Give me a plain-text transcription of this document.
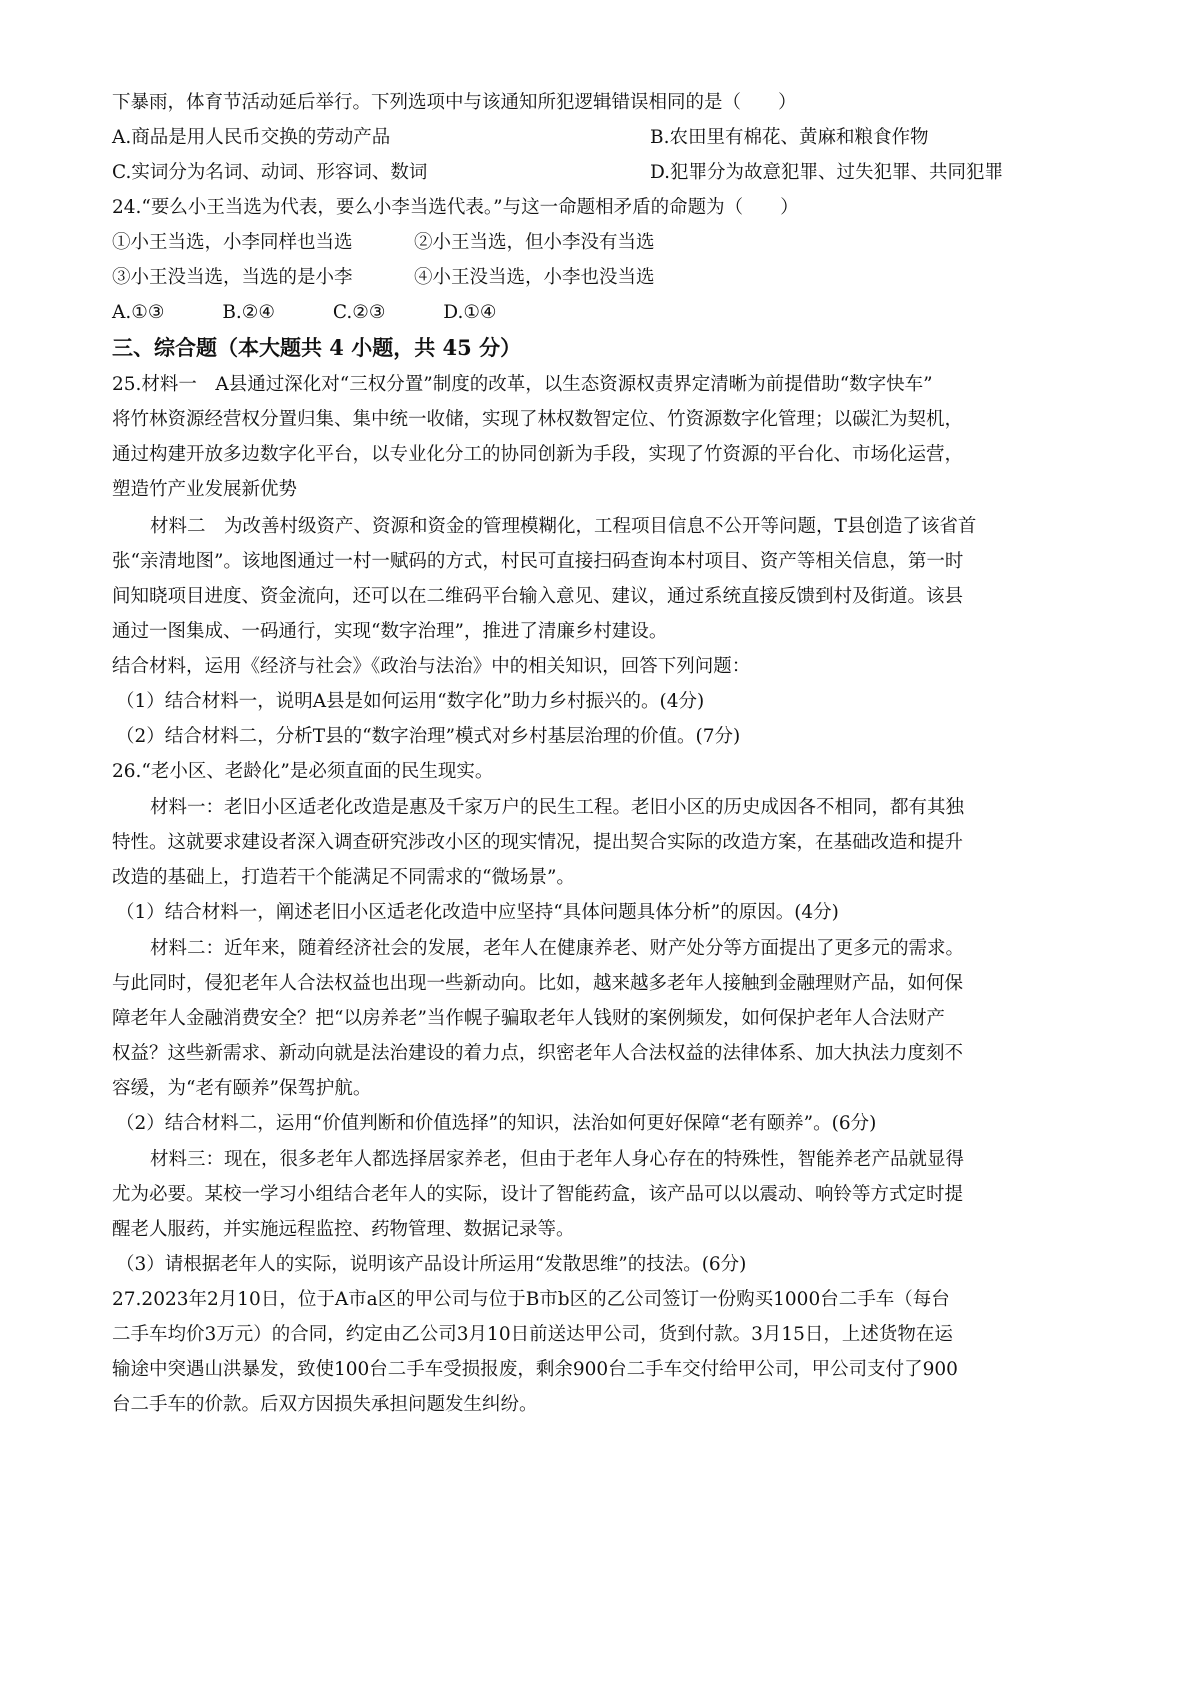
下暴雨，体育节活动延后举行。下列选项中与该通知所犯逻辑错误相同的是（　　）
A.商品是用人民币交换的劳动产品	B.农田里有棉花、黄麻和粮食作物
C.实词分为名词、动词、形容词、数词	D.犯罪分为故意犯罪、过失犯罪、共同犯罪
24.“要么小王当选为代表，要么小李当选代表。”与这一命题相矛盾的命题为（　　）
①小王当选，小李同样也当选	②小王当选，但小李没有当选
③小王没当选，当选的是小李	④小王没当选，小李也没当选
A.①③	B.②④	C.②③	D.①④
三、综合题（本大题共 4 小题，共 45 分）
25.材料一　A县通过深化对“三权分置”制度的改革，以生态资源权责界定清晰为前提借助“数字快车”
将竹林资源经营权分置归集、集中统一收储，实现了林权数智定位、竹资源数字化管理；以碳汇为契机，
通过构建开放多边数字化平台，以专业化分工的协同创新为手段，实现了竹资源的平台化、市场化运营，
塑造竹产业发展新优势
材料二　为改善村级资产、资源和资金的管理模糊化，工程项目信息不公开等问题，T县创造了该省首
张“亲清地图”。该地图通过一村一赋码的方式，村民可直接扫码查询本村项目、资产等相关信息，第一时
间知晓项目进度、资金流向，还可以在二维码平台输入意见、建议，通过系统直接反馈到村及街道。该县
通过一图集成、一码通行，实现“数字治理”，推进了清廉乡村建设。
结合材料，运用《经济与社会》《政治与法治》中的相关知识，回答下列问题：
（1）结合材料一，说明A县是如何运用“数字化”助力乡村振兴的。(4分)
（2）结合材料二，分析T县的“数字治理”模式对乡村基层治理的价值。(7分)
26.“老小区、老龄化”是必须直面的民生现实。
材料一：老旧小区适老化改造是惠及千家万户的民生工程。老旧小区的历史成因各不相同，都有其独
特性。这就要求建设者深入调查研究涉改小区的现实情况，提出契合实际的改造方案，在基础改造和提升
改造的基础上，打造若干个能满足不同需求的“微场景”。
（1）结合材料一，阐述老旧小区适老化改造中应坚持“具体问题具体分析”的原因。(4分)
材料二：近年来，随着经济社会的发展，老年人在健康养老、财产处分等方面提出了更多元的需求。
与此同时，侵犯老年人合法权益也出现一些新动向。比如，越来越多老年人接触到金融理财产品，如何保
障老年人金融消费安全？把“以房养老”当作幌子骗取老年人钱财的案例频发，如何保护老年人合法财产
权益？这些新需求、新动向就是法治建设的着力点，织密老年人合法权益的法律体系、加大执法力度刻不
容缓，为“老有颐养”保驾护航。
（2）结合材料二，运用“价值判断和价值选择”的知识，法治如何更好保障“老有颐养”。(6分)
材料三：现在，很多老年人都选择居家养老，但由于老年人身心存在的特殊性，智能养老产品就显得
尤为必要。某校一学习小组结合老年人的实际，设计了智能药盒，该产品可以以震动、响铃等方式定时提
醒老人服药，并实施远程监控、药物管理、数据记录等。
（3）请根据老年人的实际，说明该产品设计所运用“发散思维”的技法。(6分)
27.2023年2月10日，位于A市a区的甲公司与位于B市b区的乙公司签订一份购买1000台二手车（每台
二手车均价3万元）的合同，约定由乙公司3月10日前送达甲公司，货到付款。3月15日，上述货物在运
输途中突遇山洪暴发，致使100台二手车受损报废，剩余900台二手车交付给甲公司，甲公司支付了900
台二手车的价款。后双方因损失承担问题发生纠纷。
